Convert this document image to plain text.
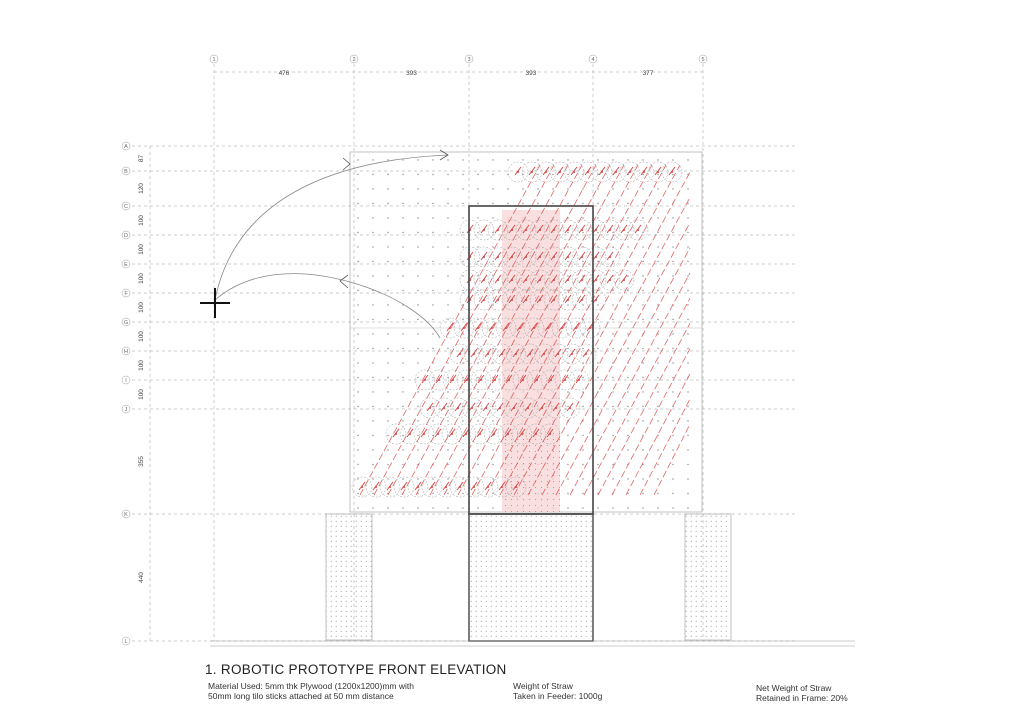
1	2	3	4	5
A
B
C
D
E
F
G
H
I
J
K
L
476	393	393	377
87
120
100
100
100
100
100
100
100
355
440
1. ROBOTIC PROTOTYPE FRONT ELEVATION
Material Used: 5mm thk Plywood (1200x1200)mm with
50mm long tilo sticks attached at 50 mm distance
Weight of Straw
Taken in Feeder: 1000g
Net Weight of Straw
Retained in Frame: 20%
